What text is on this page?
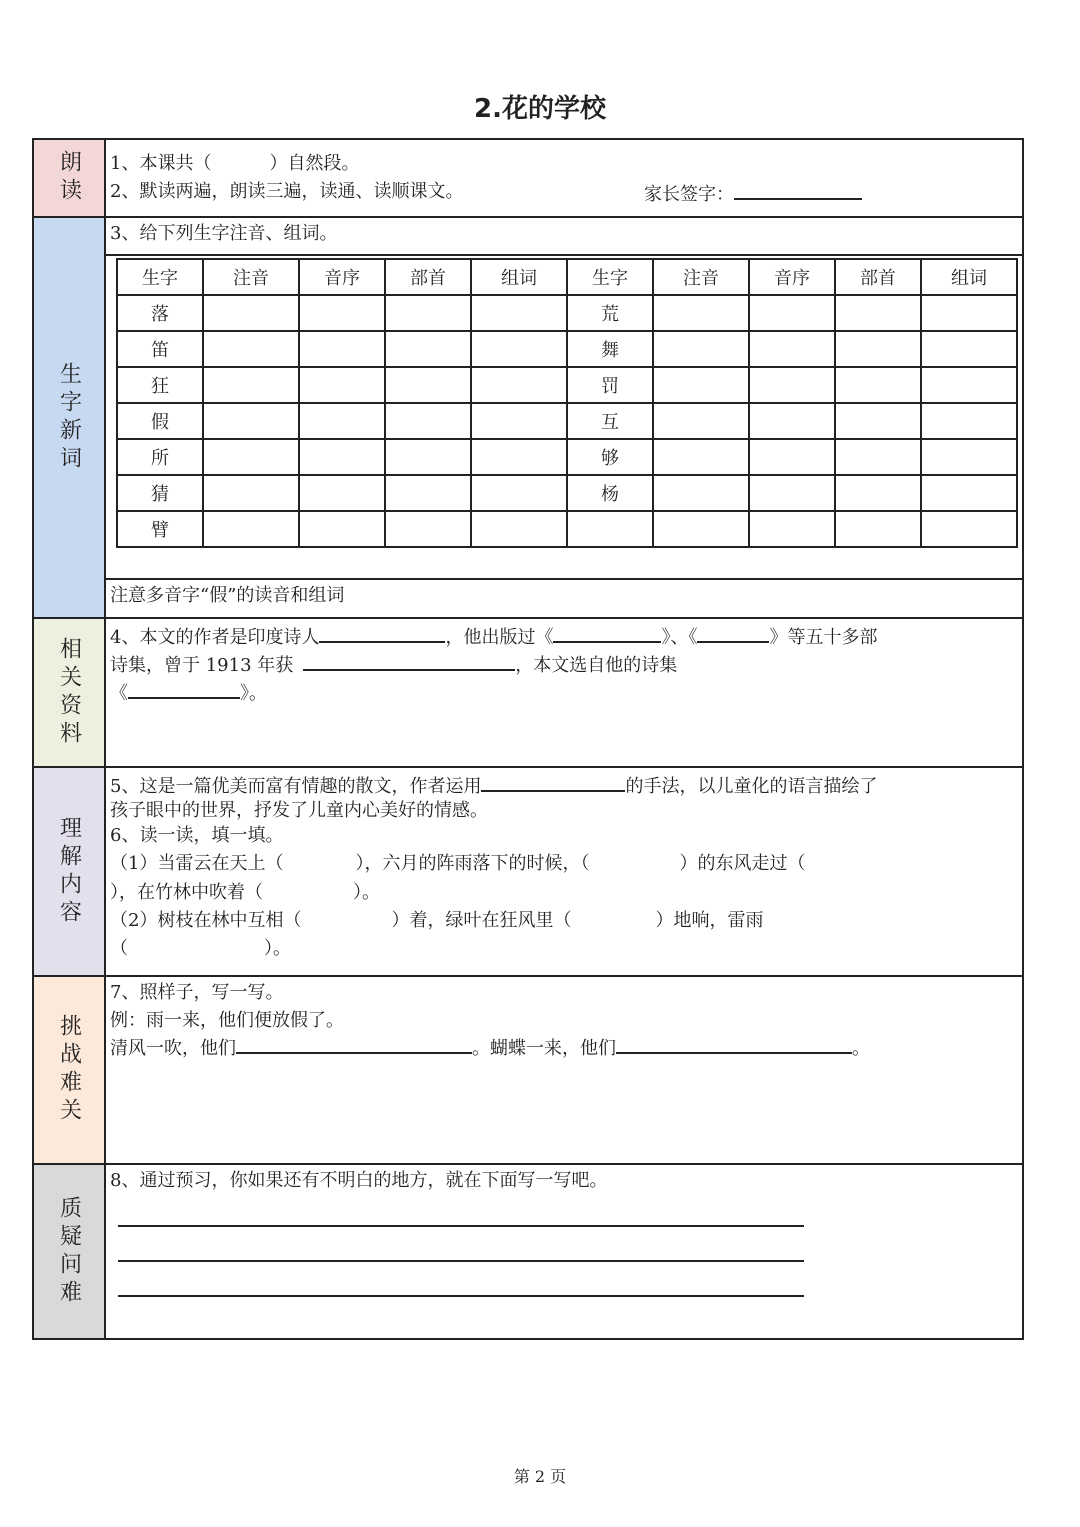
2.花的学校
朗读 1、本课共（	）自然段。
2、默读两遍，朗读三遍，读通、读顺课文。	家长签字：
生字新词
3、给下列生字注音、组词。
生字	注音	音序	部首	组词	生字	注音	音序	部首	组词
落					荒				
笛					舞				
狂					罚				
假					互				
所					够				
猜					杨				
臂									
注意多音字“假”的读音和组词
相关资料 4、本文的作者是印度诗人	，他出版过《	》、《	》等五十多部
诗集，曾于 1913 年获	，本文选自他的诗集
《	》。
理解内容
5、这是一篇优美而富有情趣的散文，作者运用	的手法，以儿童化的语言描绘了
孩子眼中的世界，抒发了儿童内心美好的情感。
6、读一读，填一填。
（1）当雷云在天上（	），六月的阵雨落下的时候，（	）的东风走过（
），在竹林中吹着（	）。
（2）树枝在林中互相（	）着，绿叶在狂风里（	）地响，雷雨
（	）。
挑战难关
7、照样子，写一写。
例：雨一来，他们便放假了。
清风一吹，他们	。蝴蝶一来，他们	。
质疑问难
8、通过预习，你如果还有不明白的地方，就在下面写一写吧。
第 2 页
